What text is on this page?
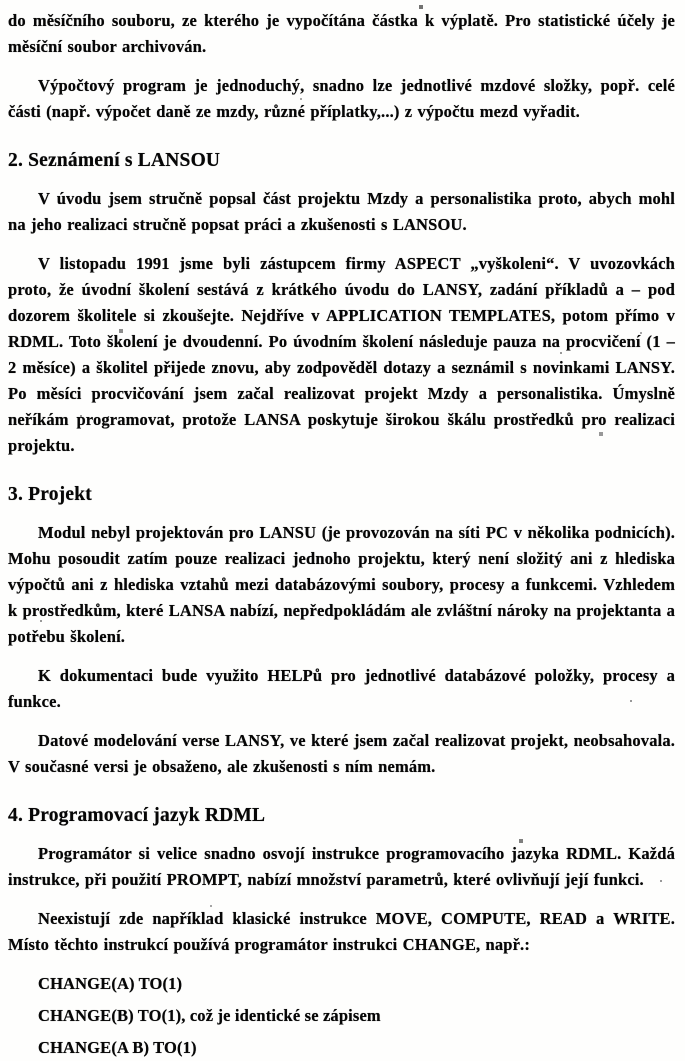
do měsíčního souboru, ze kterého je vypočítána částka k výplatě. Pro statistické účely je měsíční soubor archivován.

Výpočtový program je jednoduchý, snadno lze jednotlivé mzdové složky, popř. celé části (např. výpočet daně ze mzdy, různé příplatky,...) z výpočtu mezd vyřadit.

2. Seznámení s LANSOU

V úvodu jsem stručně popsal část projektu Mzdy a personalistika proto, abych mohl na jeho realizaci stručně popsat práci a zkušenosti s LANSOU.

V listopadu 1991 jsme byli zástupcem firmy ASPECT „vyškoleni“. V uvozovkách proto, že úvodní školení sestává z krátkého úvodu do LANSY, zadání příkladů a – pod dozorem školitele si zkoušejte. Nejdříve v APPLICATION TEMPLATES, potom přímo v RDML. Toto školení je dvoudenní. Po úvodním školení následuje pauza na procvičení (1 – 2 měsíce) a školitel přijede znovu, aby zodpověděl dotazy a seznámil s novinkami LANSY. Po měsíci procvičování jsem začal realizovat projekt Mzdy a personalistika. Úmyslně neříkám programovat, protože LANSA poskytuje širokou škálu prostředků pro realizaci projektu.

3. Projekt

Modul nebyl projektován pro LANSU (je provozován na síti PC v několika podnicích). Mohu posoudit zatím pouze realizaci jednoho projektu, který není složitý ani z hlediska výpočtů ani z hlediska vztahů mezi databázovými soubory, procesy a funkcemi. Vzhledem k prostředkům, které LANSA nabízí, nepředpokládám ale zvláštní nároky na projektanta a potřebu školení.

K dokumentaci bude využito HELPů pro jednotlivé databázové položky, procesy a funkce.

Datové modelování verse LANSY, ve které jsem začal realizovat projekt, neobsahovala. V současné versi je obsaženo, ale zkušenosti s ním nemám.

4. Programovací jazyk RDML

Programátor si velice snadno osvojí instrukce programovacího jazyka RDML. Každá instrukce, při použití PROMPT, nabízí množství parametrů, které ovlivňují její funkci.

Neexistují zde například klasické instrukce MOVE, COMPUTE, READ a WRITE. Místo těchto instrukcí používá programátor instrukci CHANGE, např.:

CHANGE(A) TO(1)

CHANGE(B) TO(1), což je identické se zápisem

CHANGE(A B) TO(1)
